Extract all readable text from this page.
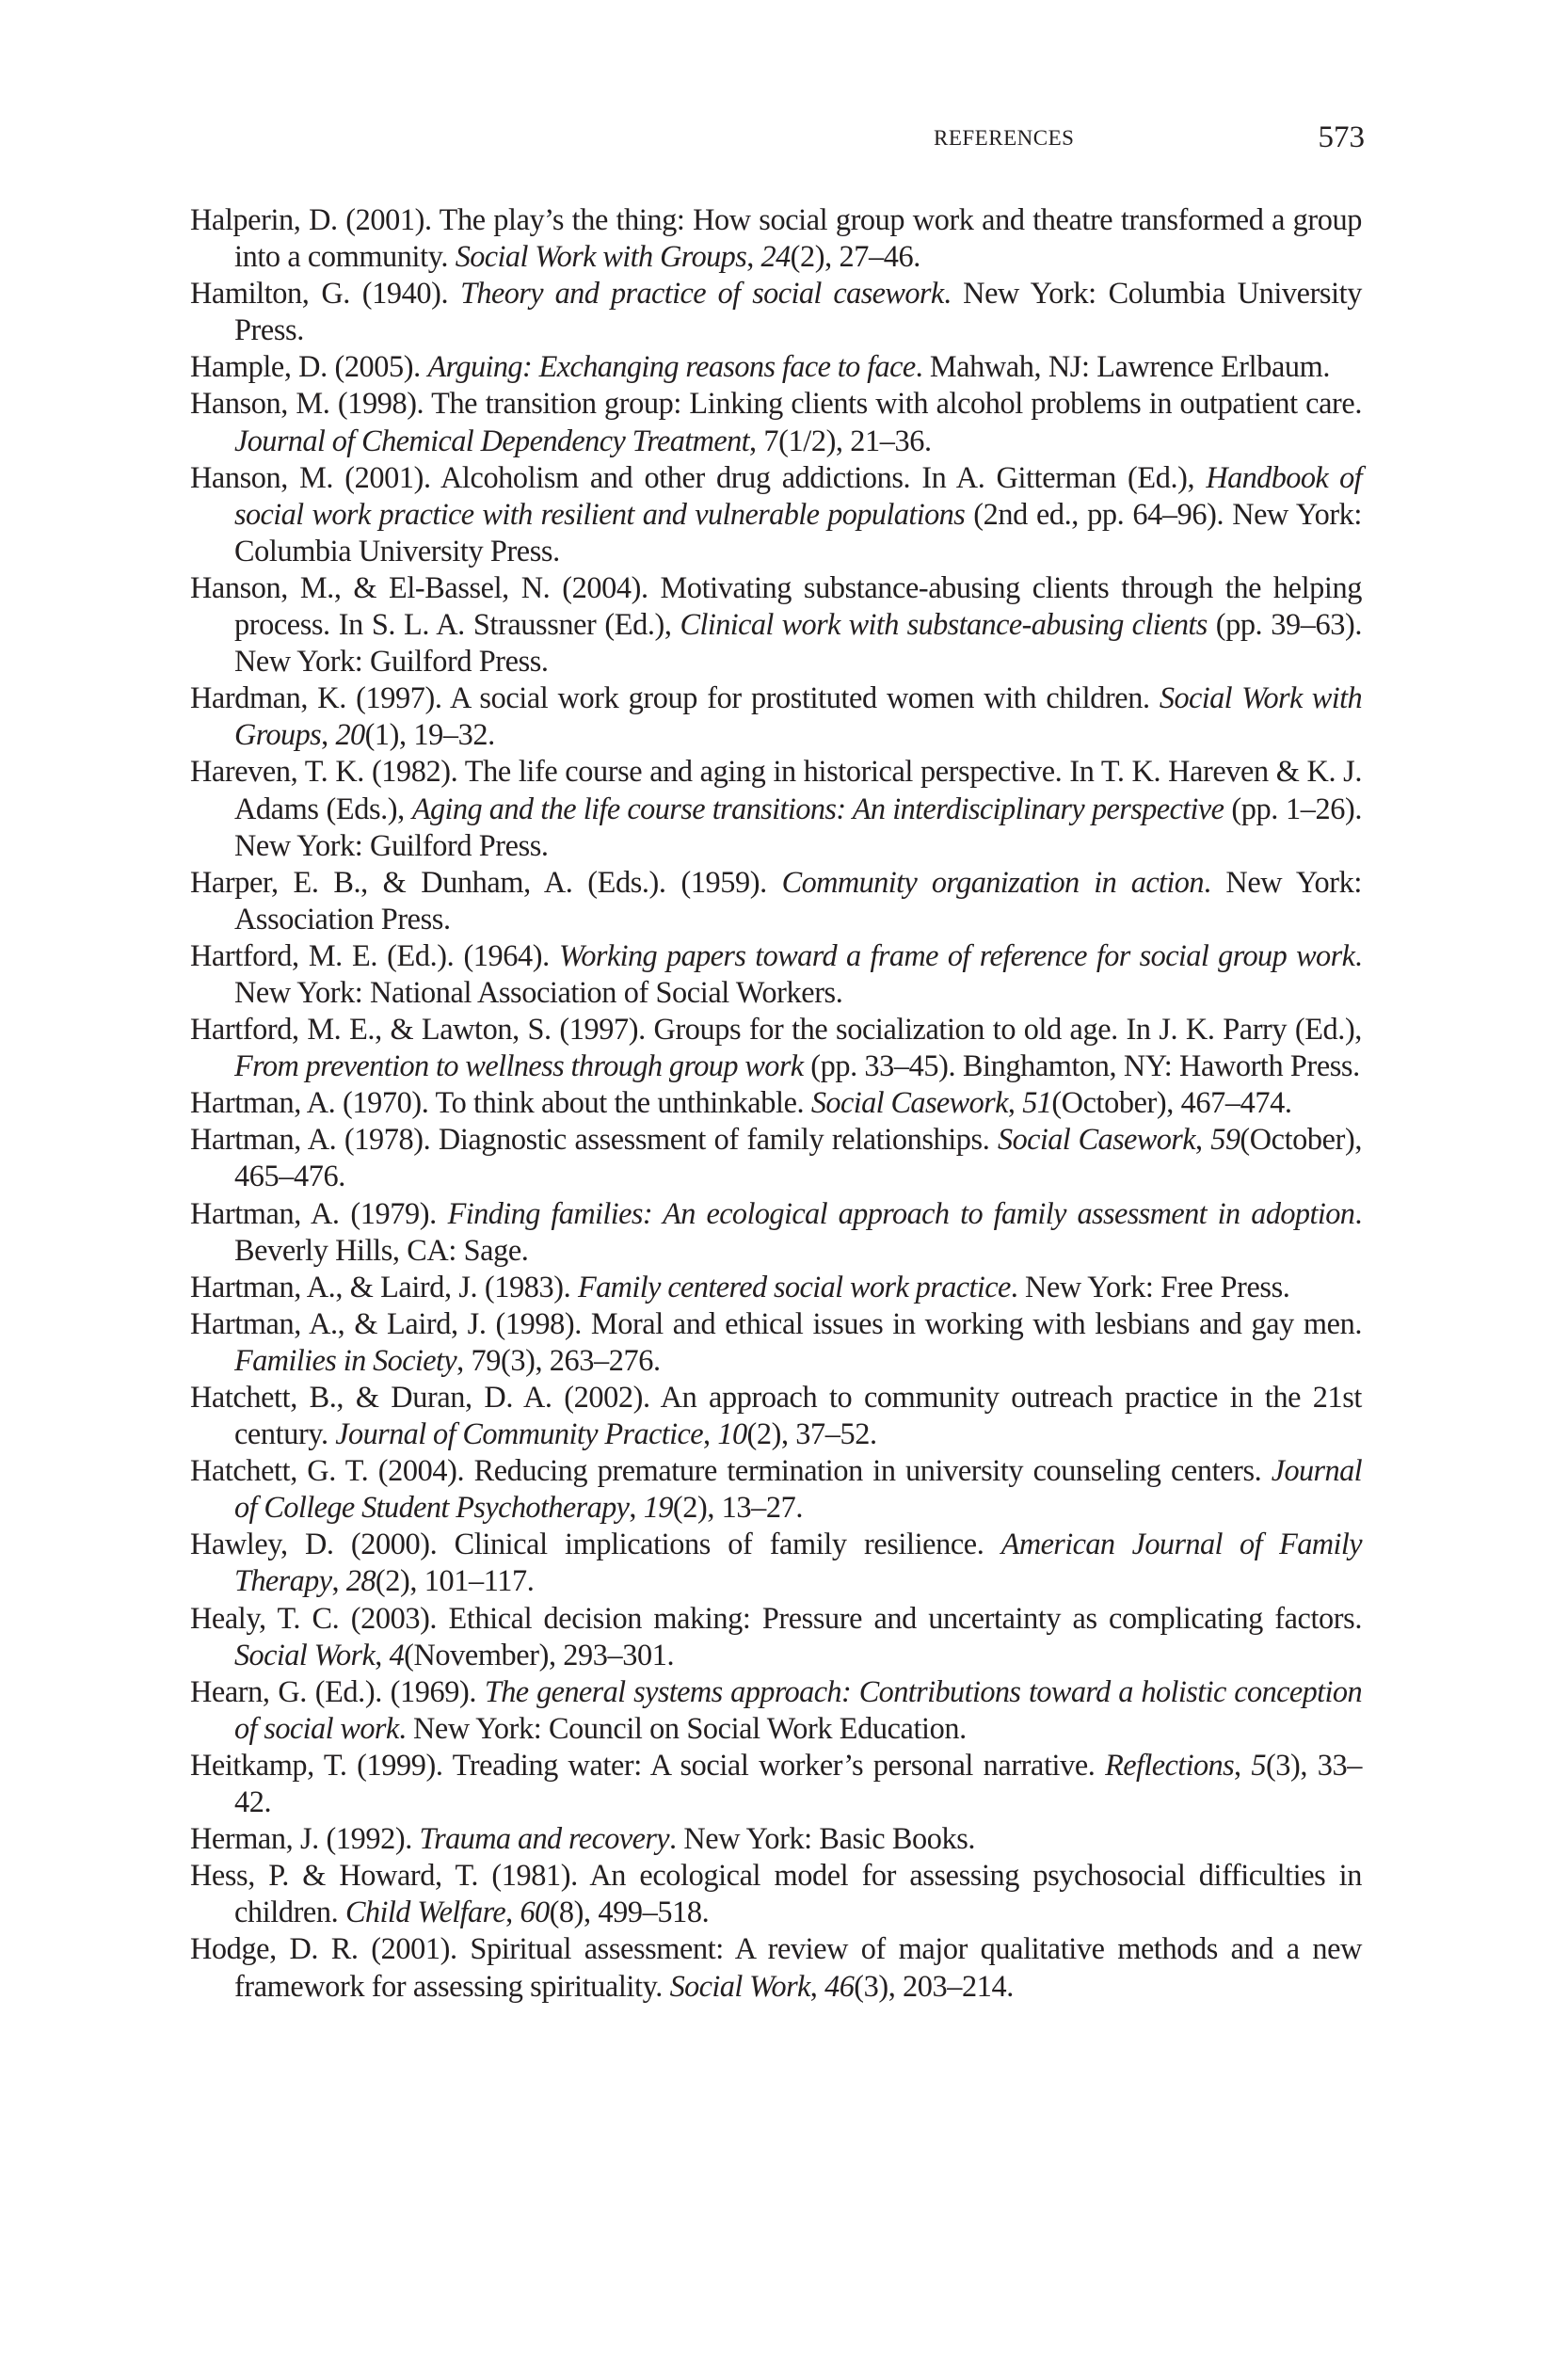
REFERENCES	573
Halperin, D. (2001). The play’s the thing: How social group work and theatre transformed a group into a community. Social Work with Groups, 24(2), 27–46.
Hamilton, G. (1940). Theory and practice of social casework. New York: Columbia University Press.
Hample, D. (2005). Arguing: Exchanging reasons face to face. Mahwah, NJ: Lawrence Erlbaum.
Hanson, M. (1998). The transition group: Linking clients with alcohol problems in outpatient care. Journal of Chemical Dependency Treatment, 7(1/2), 21–36.
Hanson, M. (2001). Alcoholism and other drug addictions. In A. Gitterman (Ed.), Handbook of social work practice with resilient and vulnerable populations (2nd ed., pp. 64–96). New York: Columbia University Press.
Hanson, M., & El-Bassel, N. (2004). Motivating substance-abusing clients through the helping process. In S. L. A. Straussner (Ed.), Clinical work with substance-abusing clients (pp. 39–63). New York: Guilford Press.
Hardman, K. (1997). A social work group for prostituted women with children. Social Work with Groups, 20(1), 19–32.
Hareven, T. K. (1982). The life course and aging in historical perspective. In T. K. Hareven & K. J. Adams (Eds.), Aging and the life course transitions: An interdisciplinary perspective (pp. 1–26). New York: Guilford Press.
Harper, E. B., & Dunham, A. (Eds.). (1959). Community organization in action. New York: Association Press.
Hartford, M. E. (Ed.). (1964). Working papers toward a frame of reference for social group work. New York: National Association of Social Workers.
Hartford, M. E., & Lawton, S. (1997). Groups for the socialization to old age. In J. K. Parry (Ed.), From prevention to wellness through group work (pp. 33–45). Binghamton, NY: Haworth Press.
Hartman, A. (1970). To think about the unthinkable. Social Casework, 51(October), 467–474.
Hartman, A. (1978). Diagnostic assessment of family relationships. Social Casework, 59(October), 465–476.
Hartman, A. (1979). Finding families: An ecological approach to family assessment in adoption. Beverly Hills, CA: Sage.
Hartman, A., & Laird, J. (1983). Family centered social work practice. New York: Free Press.
Hartman, A., & Laird, J. (1998). Moral and ethical issues in working with lesbians and gay men. Families in Society, 79(3), 263–276.
Hatchett, B., & Duran, D. A. (2002). An approach to community outreach practice in the 21st century. Journal of Community Practice, 10(2), 37–52.
Hatchett, G. T. (2004). Reducing premature termination in university counseling centers. Journal of College Student Psychotherapy, 19(2), 13–27.
Hawley, D. (2000). Clinical implications of family resilience. American Journal of Family Therapy, 28(2), 101–117.
Healy, T. C. (2003). Ethical decision making: Pressure and uncertainty as complicating factors. Social Work, 4(November), 293–301.
Hearn, G. (Ed.). (1969). The general systems approach: Contributions toward a holistic conception of social work. New York: Council on Social Work Education.
Heitkamp, T. (1999). Treading water: A social worker’s personal narrative. Reflections, 5(3), 33–42.
Herman, J. (1992). Trauma and recovery. New York: Basic Books.
Hess, P. & Howard, T. (1981). An ecological model for assessing psychosocial difficulties in children. Child Welfare, 60(8), 499–518.
Hodge, D. R. (2001). Spiritual assessment: A review of major qualitative methods and a new framework for assessing spirituality. Social Work, 46(3), 203–214.
